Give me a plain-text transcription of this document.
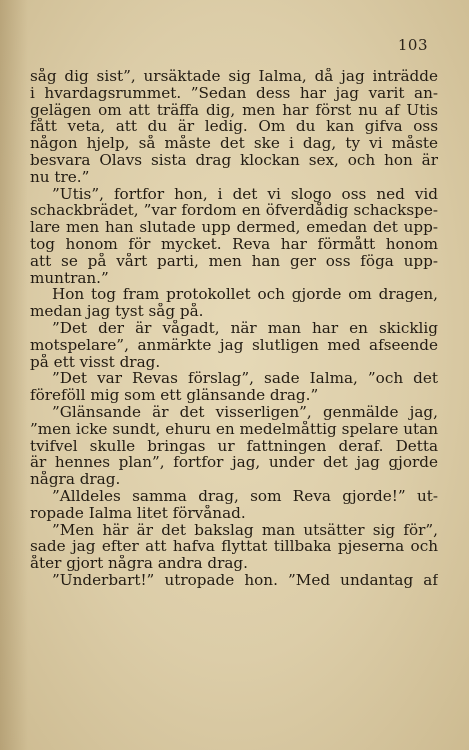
103
såg dig sist”, ursäktade sig Ialma, då jag inträdde
i hvardagsrummet. ”Sedan dess har jag varit an-
gelägen om att träffa dig, men har först nu af Utis
fått veta, att du är ledig. Om du kan gifva oss
någon hjelp, så måste det ske i dag, ty vi måste
besvara Olavs sista drag klockan sex, och hon är
nu tre.”
”Utis”, fortfor hon, i det vi slogo oss ned vid
schackbrädet, ”var fordom en öfverdådig schackspe-
lare men han slutade upp dermed, emedan det upp-
tog honom för mycket. Reva har förmått honom
att se på vårt parti, men han ger oss föga upp-
muntran.”
Hon tog fram protokollet och gjorde om dragen,
medan jag tyst såg på.
”Det der är vågadt, när man har en skicklig
motspelare”, anmärkte jag slutligen med afseende
på ett visst drag.
”Det var Revas förslag”, sade Ialma, ”och det
föreföll mig som ett glänsande drag.”
”Glänsande är det visserligen”, genmälde jag,
”men icke sundt, ehuru en medelmåttig spelare utan
tvifvel skulle bringas ur fattningen deraf. Detta
är hennes plan”, fortfor jag, under det jag gjorde
några drag.
”Alldeles samma drag, som Reva gjorde!” ut-
ropade Ialma litet förvånad.
”Men här är det bakslag man utsätter sig för”,
sade jag efter att hafva flyttat tillbaka pjeserna och
åter gjort några andra drag.
”Underbart!” utropade hon. ”Med undantag af
